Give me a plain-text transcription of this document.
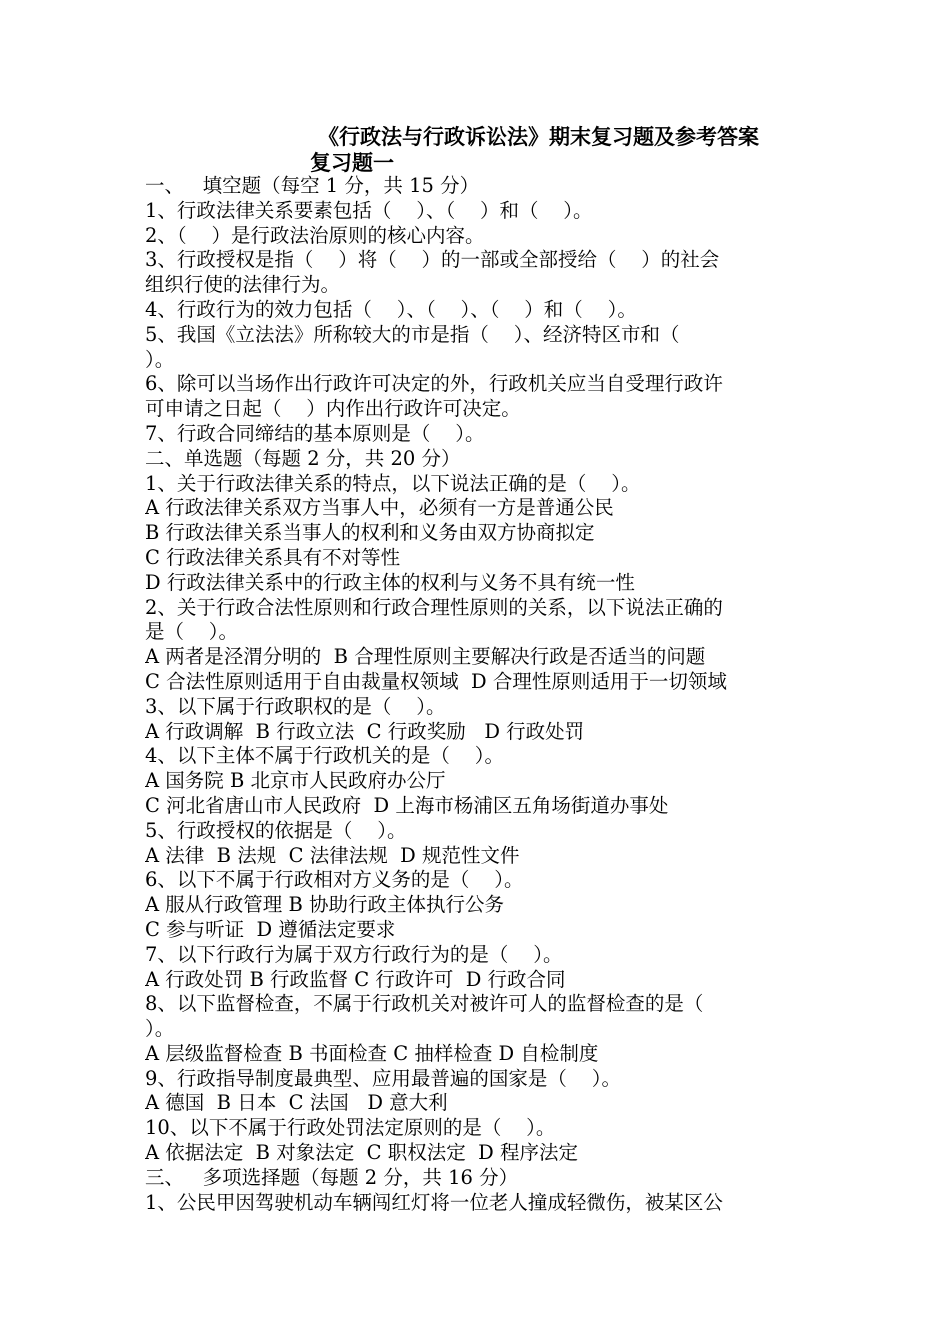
《行政法与行政诉讼法》期末复习题及参考答案
复习题一
一、   填空题（每空 1 分，共 15 分）
1、行政法律关系要素包括（    ）、（    ）和（    ）。
2、（    ）是行政法治原则的核心内容。
3、行政授权是指（    ）将（    ）的一部或全部授给（    ）的社会
组织行使的法律行为。
4、行政行为的效力包括（    ）、（    ）、（    ）和（    ）。
5、我国《立法法》所称较大的市是指（    ）、经济特区市和（
）。
6、除可以当场作出行政许可决定的外，行政机关应当自受理行政许
可申请之日起（    ）内作出行政许可决定。
7、行政合同缔结的基本原则是（    ）。
二、单选题（每题 2 分，共 20 分）
1、关于行政法律关系的特点，以下说法正确的是（    ）。
A 行政法律关系双方当事人中，必须有一方是普通公民
B 行政法律关系当事人的权利和义务由双方协商拟定
C 行政法律关系具有不对等性
D 行政法律关系中的行政主体的权利与义务不具有统一性
2、关于行政合法性原则和行政合理性原则的关系，以下说法正确的
是（    ）。
A 两者是泾渭分明的  B 合理性原则主要解决行政是否适当的问题
C 合法性原则适用于自由裁量权领域  D 合理性原则适用于一切领域
3、以下属于行政职权的是（    ）。
A 行政调解  B 行政立法  C 行政奖励   D 行政处罚
4、以下主体不属于行政机关的是（    ）。
A 国务院 B 北京市人民政府办公厅
C 河北省唐山市人民政府  D 上海市杨浦区五角场街道办事处
5、行政授权的依据是（    ）。
A 法律  B 法规  C 法律法规  D 规范性文件
6、以下不属于行政相对方义务的是（    ）。
A 服从行政管理 B 协助行政主体执行公务
C 参与听证  D 遵循法定要求
7、以下行政行为属于双方行政行为的是（    ）。
A 行政处罚 B 行政监督 C 行政许可  D 行政合同
8、以下监督检查，不属于行政机关对被许可人的监督检查的是（
）。
A 层级监督检查 B 书面检查 C 抽样检查 D 自检制度
9、行政指导制度最典型、应用最普遍的国家是（    ）。
A 德国  B 日本  C 法国   D 意大利
10、以下不属于行政处罚法定原则的是（    ）。
A 依据法定  B 对象法定  C 职权法定  D 程序法定
三、   多项选择题（每题 2 分，共 16 分）
1、公民甲因驾驶机动车辆闯红灯将一位老人撞成轻微伤，被某区公
